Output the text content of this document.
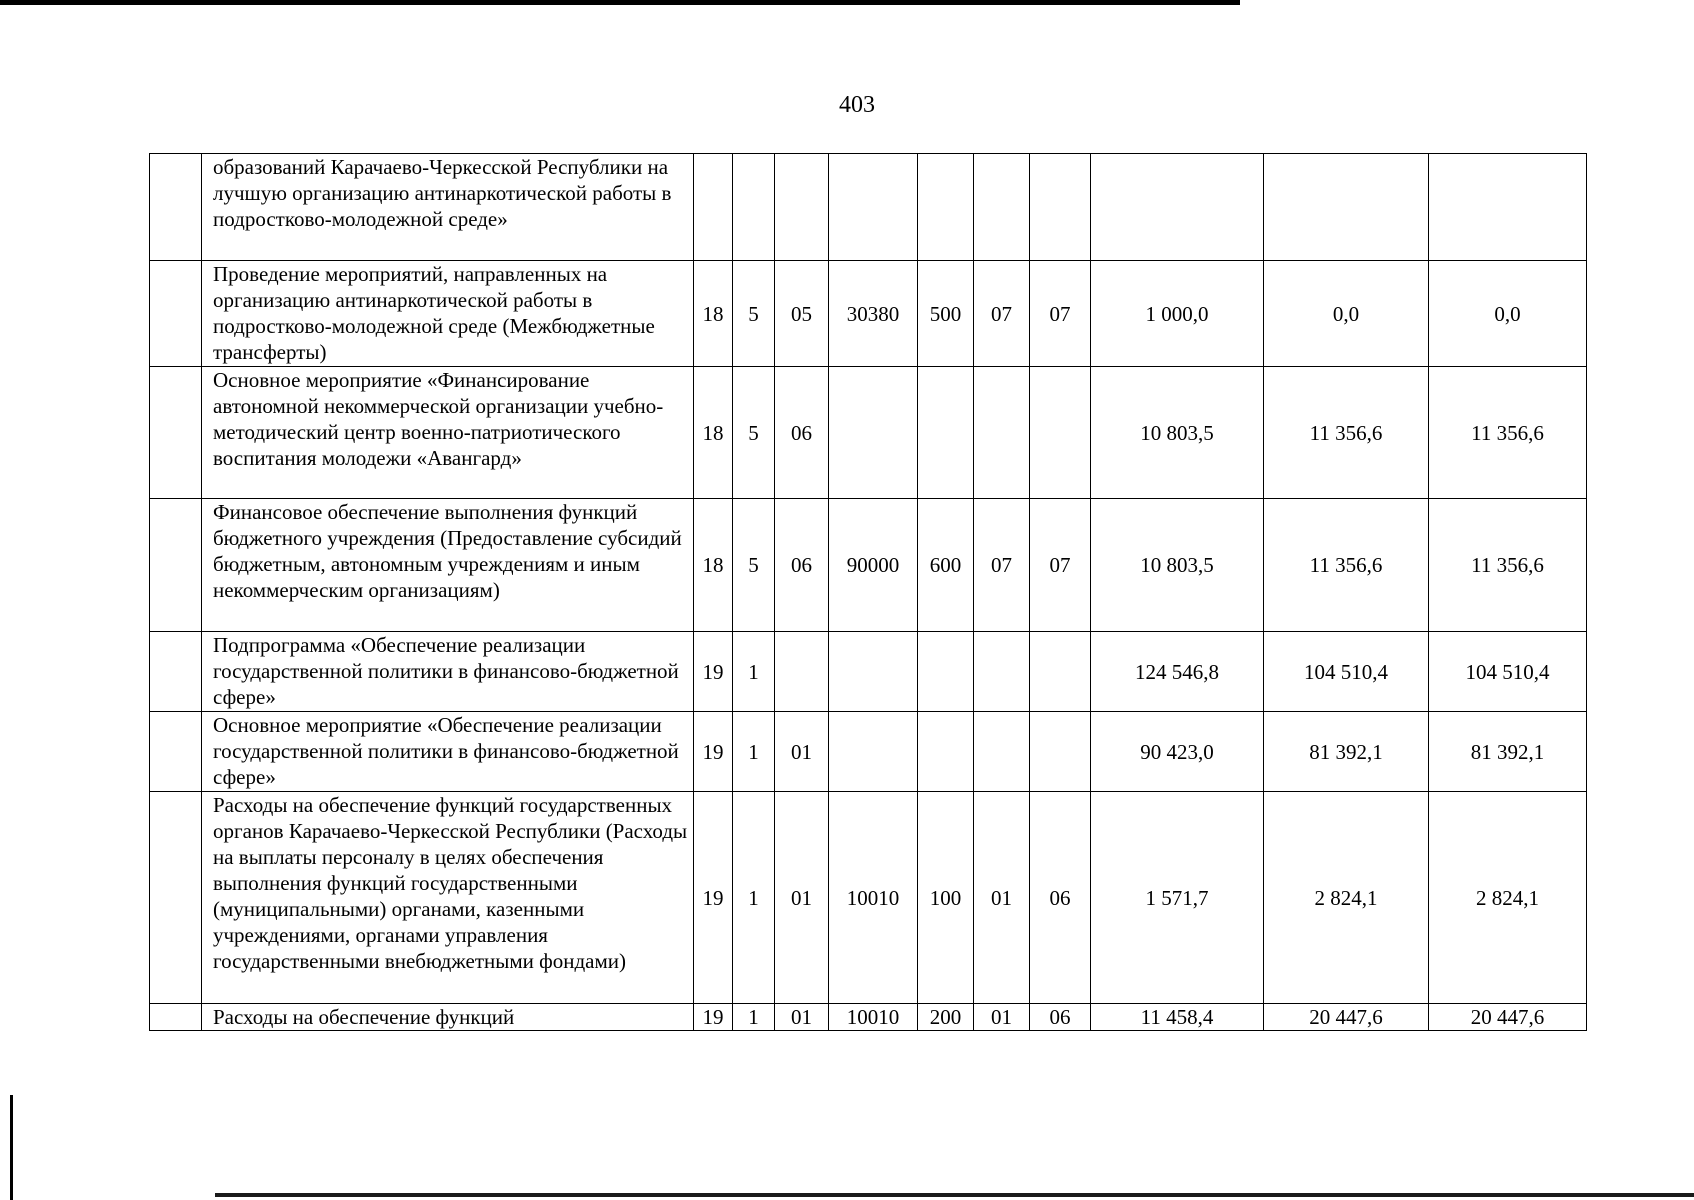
403
	образований Карачаево-Черкесской Республики на лучшую организацию антинаркотической работы в подростково-молодежной среде»										
	Проведение мероприятий, направленных на организацию антинаркотической работы в подростково-молодежной среде (Межбюджетные трансферты)	18	5	05	30380	500	07	07	1 000,0	0,0	0,0
	Основное мероприятие «Финансирование автономной некоммерческой организации учебно-методический центр военно-патриотического воспитания молодежи «Авангард»	18	5	06					10 803,5	11 356,6	11 356,6
	Финансовое обеспечение выполнения функций бюджетного учреждения (Предоставление субсидий бюджетным, автономным учреждениям и иным некоммерческим организациям)	18	5	06	90000	600	07	07	10 803,5	11 356,6	11 356,6
	Подпрограмма «Обеспечение реализации государственной политики в финансово-бюджетной сфере»	19	1						124 546,8	104 510,4	104 510,4
	Основное мероприятие «Обеспечение реализации государственной политики в финансово-бюджетной сфере»	19	1	01					90 423,0	81 392,1	81 392,1
	Расходы на обеспечение функций государственных органов Карачаево-Черкесской Республики (Расходы на выплаты персоналу в целях обеспечения выполнения функций государственными (муниципальными) органами, казенными учреждениями, органами управления государственными внебюджетными фондами)	19	1	01	10010	100	01	06	1 571,7	2 824,1	2 824,1
	Расходы на обеспечение функций	19	1	01	10010	200	01	06	11 458,4	20 447,6	20 447,6
